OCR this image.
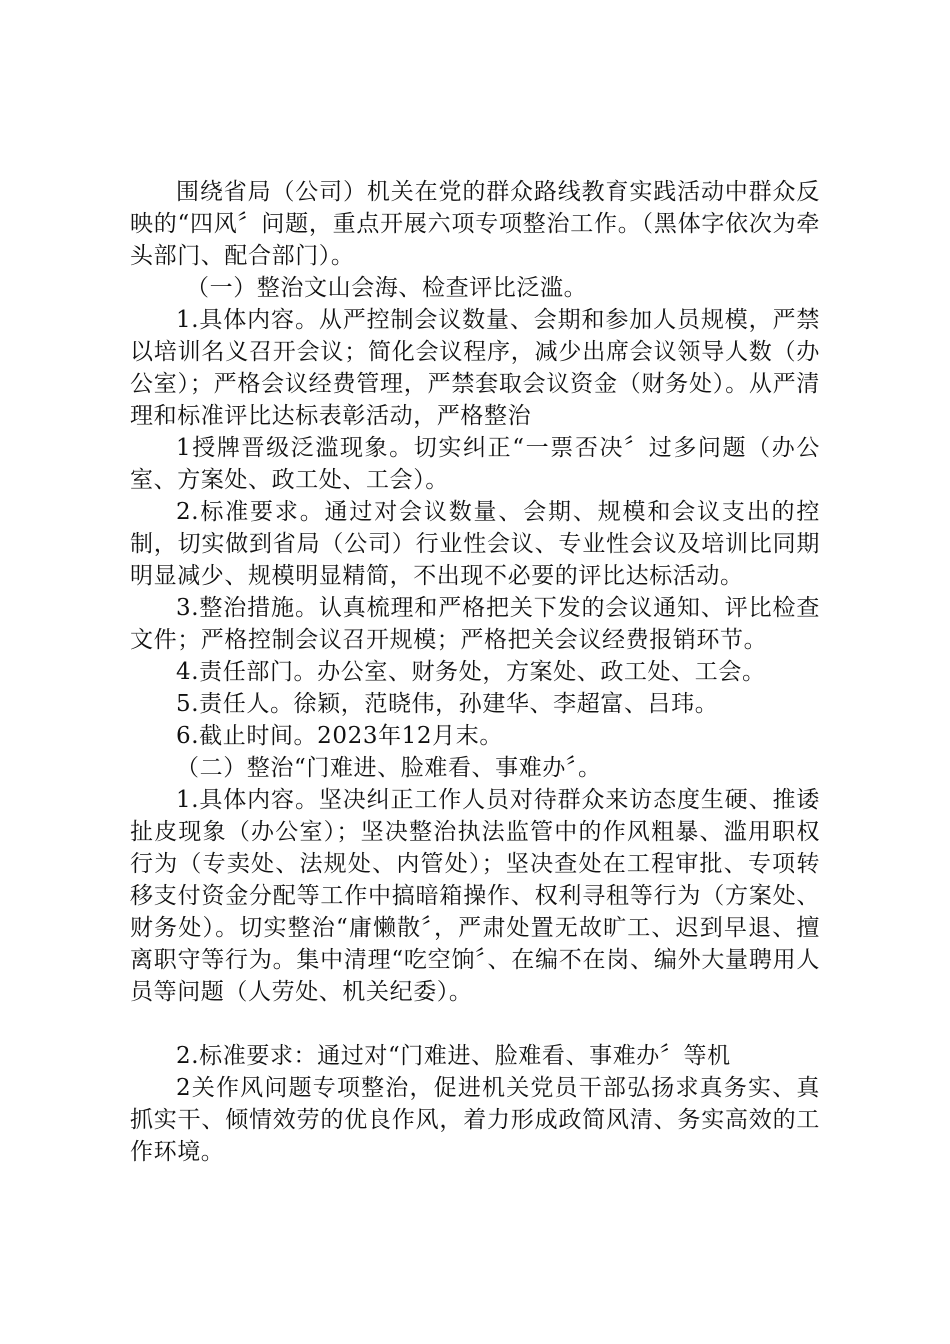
围绕省局（公司）机关在党的群众路线教育实践活动中群众反映的“四风〞问题，重点开展六项专项整治工作。（黑体字依次为牵头部门、配合部门）。

（一）整治文山会海、检查评比泛滥。

1.具体内容。从严控制会议数量、会期和参加人员规模，严禁以培训名义召开会议；简化会议程序，减少出席会议领导人数（办公室）；严格会议经费管理，严禁套取会议资金（财务处）。从严清理和标准评比达标表彰活动，严格整治

1授牌晋级泛滥现象。切实纠正“一票否决〞过多问题（办公室、方案处、政工处、工会）。

2.标准要求。通过对会议数量、会期、规模和会议支出的控制，切实做到省局（公司）行业性会议、专业性会议及培训比同期明显减少、规模明显精简，不出现不必要的评比达标活动。

3.整治措施。认真梳理和严格把关下发的会议通知、评比检查文件；严格控制会议召开规模；严格把关会议经费报销环节。

4.责任部门。办公室、财务处，方案处、政工处、工会。

5.责任人。徐颖，范晓伟，孙建华、李超富、吕玮。

6.截止时间。2023年12月末。

（二）整治“门难进、脸难看、事难办〞。

1.具体内容。坚决纠正工作人员对待群众来访态度生硬、推诿扯皮现象（办公室）；坚决整治执法监管中的作风粗暴、滥用职权行为（专卖处、法规处、内管处）；坚决查处在工程审批、专项转移支付资金分配等工作中搞暗箱操作、权利寻租等行为（方案处、财务处）。切实整治“庸懒散〞，严肃处置无故旷工、迟到早退、擅离职守等行为。集中清理“吃空饷〞、在编不在岗、编外大量聘用人员等问题（人劳处、机关纪委）。

2.标准要求：通过对“门难进、脸难看、事难办〞等机

2关作风问题专项整治，促进机关党员干部弘扬求真务实、真抓实干、倾情效劳的优良作风，着力形成政简风清、务实高效的工作环境。
